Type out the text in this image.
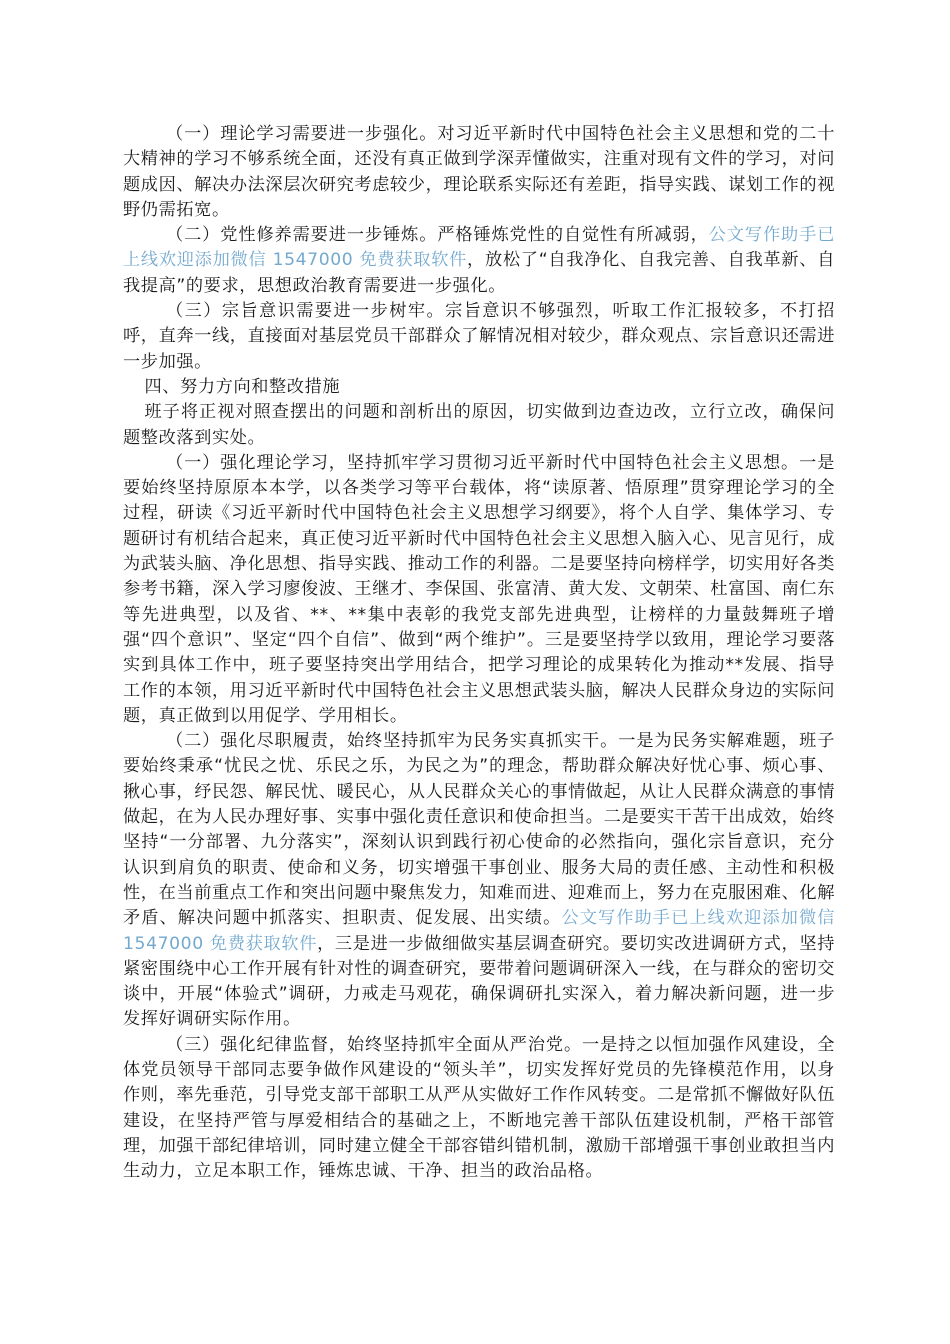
（一）理论学习需要进一步强化。对习近平新时代中国特色社会主义思想和党的二十大精神的学习不够系统全面，还没有真正做到学深弄懂做实，注重对现有文件的学习，对问题成因、解决办法深层次研究考虑较少，理论联系实际还有差距，指导实践、谋划工作的视野仍需拓宽。

（二）党性修养需要进一步锤炼。严格锤炼党性的自觉性有所减弱，公文写作助手已上线欢迎添加微信 1547000 免费获取软件，放松了“自我净化、自我完善、自我革新、自我提高”的要求，思想政治教育需要进一步强化。

（三）宗旨意识需要进一步树牢。宗旨意识不够强烈，听取工作汇报较多，不打招呼，直奔一线，直接面对基层党员干部群众了解情况相对较少，群众观点、宗旨意识还需进一步加强。

四、努力方向和整改措施

班子将正视对照查摆出的问题和剖析出的原因，切实做到边查边改，立行立改，确保问题整改落到实处。

（一）强化理论学习，坚持抓牢学习贯彻习近平新时代中国特色社会主义思想。一是要始终坚持原原本本学，以各类学习等平台载体，将“读原著、悟原理”贯穿理论学习的全过程，研读《习近平新时代中国特色社会主义思想学习纲要》，将个人自学、集体学习、专题研讨有机结合起来，真正使习近平新时代中国特色社会主义思想入脑入心、见言见行，成为武装头脑、净化思想、指导实践、推动工作的利器。二是要坚持向榜样学，切实用好各类参考书籍，深入学习廖俊波、王继才、李保国、张富清、黄大发、文朝荣、杜富国、南仁东等先进典型，以及省、**、**集中表彰的我党支部先进典型，让榜样的力量鼓舞班子增强“四个意识”、坚定“四个自信”、做到“两个维护”。三是要坚持学以致用，理论学习要落实到具体工作中，班子要坚持突出学用结合，把学习理论的成果转化为推动**发展、指导工作的本领，用习近平新时代中国特色社会主义思想武装头脑，解决人民群众身边的实际问题，真正做到以用促学、学用相长。

（二）强化尽职履责，始终坚持抓牢为民务实真抓实干。一是为民务实解难题，班子要始终秉承“忧民之忧、乐民之乐，为民之为”的理念，帮助群众解决好忧心事、烦心事、揪心事，纾民怨、解民忧、暖民心，从人民群众关心的事情做起，从让人民群众满意的事情做起，在为人民办理好事、实事中强化责任意识和使命担当。二是要实干苦干出成效，始终坚持“一分部署、九分落实”，深刻认识到践行初心使命的必然指向，强化宗旨意识，充分认识到肩负的职责、使命和义务，切实增强干事创业、服务大局的责任感、主动性和积极性，在当前重点工作和突出问题中聚焦发力，知难而进、迎难而上，努力在克服困难、化解矛盾、解决问题中抓落实、担职责、促发展、出实绩。公文写作助手已上线欢迎添加微信 1547000 免费获取软件，三是进一步做细做实基层调查研究。要切实改进调研方式，坚持紧密围绕中心工作开展有针对性的调查研究，要带着问题调研深入一线，在与群众的密切交谈中，开展“体验式”调研，力戒走马观花，确保调研扎实深入，着力解决新问题，进一步发挥好调研实际作用。

（三）强化纪律监督，始终坚持抓牢全面从严治党。一是持之以恒加强作风建设，全体党员领导干部同志要争做作风建设的“领头羊”，切实发挥好党员的先锋模范作用，以身作则，率先垂范，引导党支部干部职工从严从实做好工作作风转变。二是常抓不懈做好队伍建设，在坚持严管与厚爱相结合的基础之上，不断地完善干部队伍建设机制，严格干部管理，加强干部纪律培训，同时建立健全干部容错纠错机制，激励干部增强干事创业敢担当内生动力，立足本职工作，锤炼忠诚、干净、担当的政治品格。
